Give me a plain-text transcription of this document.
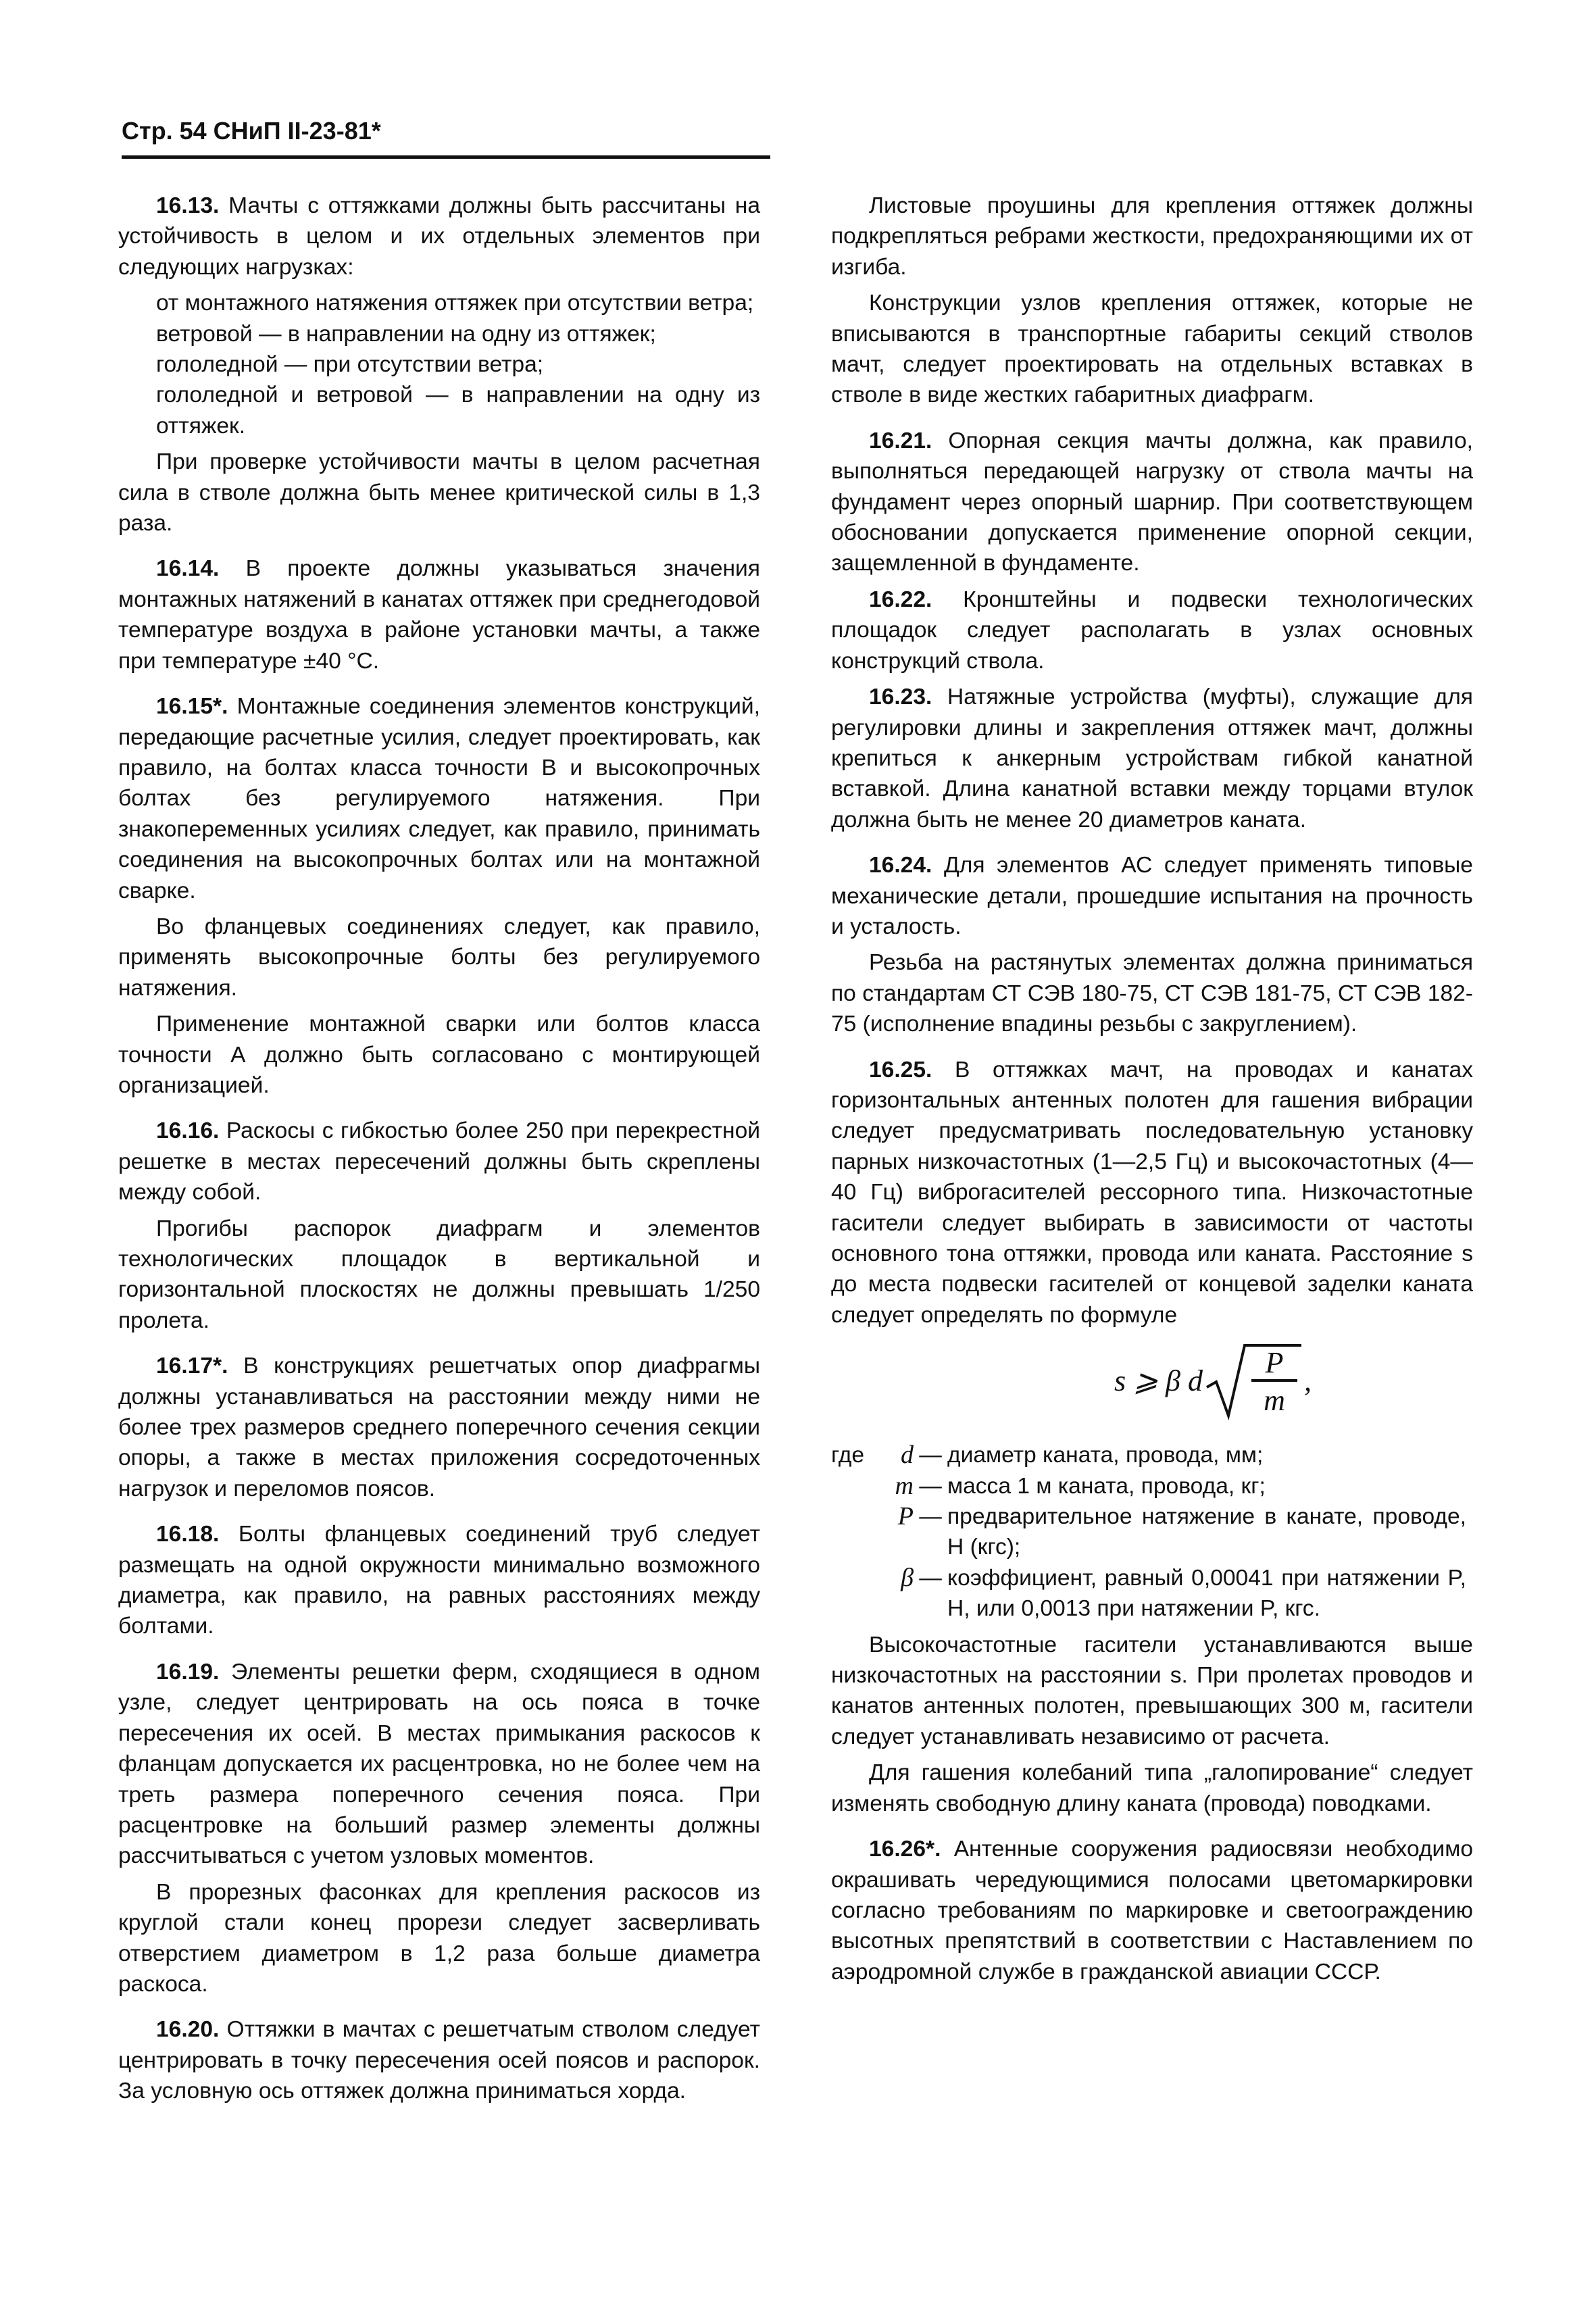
Стр. 54 СНиП II-23-81*

16.13. Мачты с оттяжками должны быть рассчитаны на устойчивость в целом и их отдельных элементов при следующих нагрузках:

от монтажного натяжения оттяжек при отсутствии ветра;

ветровой — в направлении на одну из оттяжек;

гололедной — при отсутствии ветра;

гололедной и ветровой — в направлении на одну из оттяжек.

При проверке устойчивости мачты в целом расчетная сила в стволе должна быть менее критической силы в 1,3 раза.

16.14. В проекте должны указываться значения монтажных натяжений в канатах оттяжек при среднегодовой температуре воздуха в районе установки мачты, а также при температуре ±40 °С.

16.15*. Монтажные соединения элементов конструкций, передающие расчетные усилия, следует проектировать, как правило, на болтах класса точности В и высокопрочных болтах без регулируемого натяжения. При знакопеременных усилиях следует, как правило, принимать соединения на высокопрочных болтах или на монтажной сварке.

Во фланцевых соединениях следует, как правило, применять высокопрочные болты без регулируемого натяжения.

Применение монтажной сварки или болтов класса точности А должно быть согласовано с монтирующей организацией.

16.16. Раскосы с гибкостью более 250 при перекрестной решетке в местах пересечений должны быть скреплены между собой.

Прогибы распорок диафрагм и элементов технологических площадок в вертикальной и горизонтальной плоскостях не должны превышать 1/250 пролета.

16.17*. В конструкциях решетчатых опор диафрагмы должны устанавливаться на расстоянии между ними не более трех размеров среднего поперечного сечения секции опоры, а также в местах приложения сосредоточенных нагрузок и переломов поясов.

16.18. Болты фланцевых соединений труб следует размещать на одной окружности минимально возможного диаметра, как правило, на равных расстояниях между болтами.

16.19. Элементы решетки ферм, сходящиеся в одном узле, следует центрировать на ось пояса в точке пересечения их осей. В местах примыкания раскосов к фланцам допускается их расцентровка, но не более чем на треть размера поперечного сечения пояса. При расцентровке на больший размер элементы должны рассчитываться с учетом узловых моментов.

В прорезных фасонках для крепления раскосов из круглой стали конец прорези следует засверливать отверстием диаметром в 1,2 раза больше диаметра раскоса.

16.20. Оттяжки в мачтах с решетчатым стволом следует центрировать в точку пересечения осей поясов и распорок. За условную ось оттяжек должна приниматься хорда.

Листовые проушины для крепления оттяжек должны подкрепляться ребрами жесткости, предохраняющими их от изгиба.

Конструкции узлов крепления оттяжек, которые не вписываются в транспортные габариты секций стволов мачт, следует проектировать на отдельных вставках в стволе в виде жестких габаритных диафрагм.

16.21. Опорная секция мачты должна, как правило, выполняться передающей нагрузку от ствола мачты на фундамент через опорный шарнир. При соответствующем обосновании допускается применение опорной секции, защемленной в фундаменте.

16.22. Кронштейны и подвески технологических площадок следует располагать в узлах основных конструкций ствола.

16.23. Натяжные устройства (муфты), служащие для регулировки длины и закрепления оттяжек мачт, должны крепиться к анкерным устройствам гибкой канатной вставкой. Длина канатной вставки между торцами втулок должна быть не менее 20 диаметров каната.

16.24. Для элементов АС следует применять типовые механические детали, прошедшие испытания на прочность и усталость.

Резьба на растянутых элементах должна приниматься по стандартам СТ СЭВ 180-75, СТ СЭВ 181-75, СТ СЭВ 182-75 (исполнение впадины резьбы с закруглением).

16.25. В оттяжках мачт, на проводах и канатах горизонтальных антенных полотен для гашения вибрации следует предусматривать последовательную установку парных низкочастотных (1—2,5 Гц) и высокочастотных (4—40 Гц) виброгасителей рессорного типа. Низкочастотные гасители следует выбирать в зависимости от частоты основного тона оттяжки, провода или каната. Расстояние s до места подвески гасителей от концевой заделки каната следует определять по формуле

s ⩾ β d
P
m
,
где	d — диаметр каната, провода, мм;
m — масса 1 м каната, провода, кг;
P — предварительное натяжение в канате, проводе, Н (кгс);
β — коэффициент, равный 0,00041 при натяжении P, Н, или 0,0013 при натяжении P, кгс.

Высокочастотные гасители устанавливаются выше низкочастотных на расстоянии s. При пролетах проводов и канатов антенных полотен, превышающих 300 м, гасители следует устанавливать независимо от расчета.

Для гашения колебаний типа „галопирование“ следует изменять свободную длину каната (провода) поводками.

16.26*. Антенные сооружения радиосвязи необходимо окрашивать чередующимися полосами цветомаркировки согласно требованиям по маркировке и светоограждению высотных препятствий в соответствии с Наставлением по аэродромной службе в гражданской авиации СССР.
